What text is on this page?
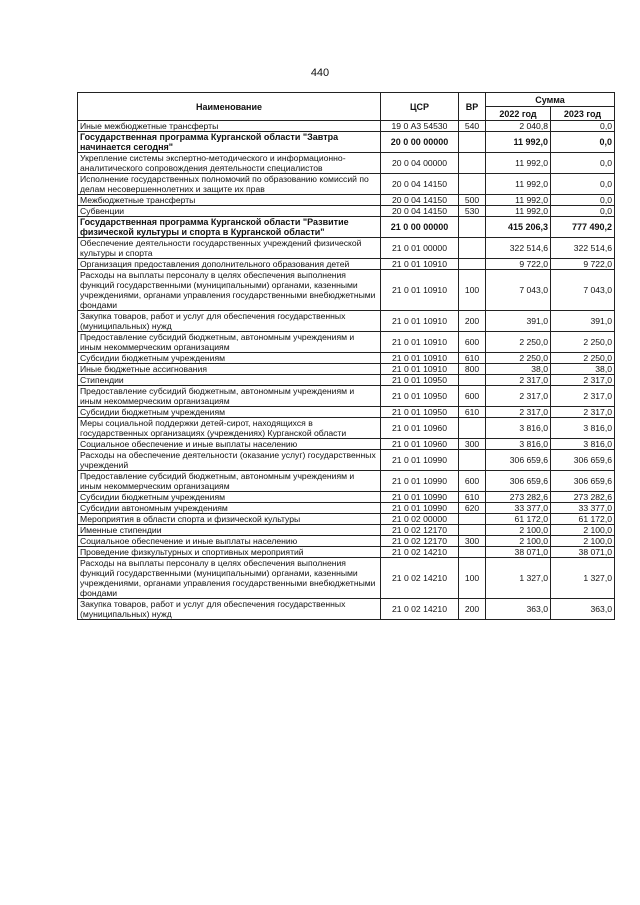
440
Наименование	ЦСР	ВР	Сумма	
			2022 год	2023 год
Иные межбюджетные трансферты	19 0 А3 54530	540	2 040,8	0,0
Государственная программа Курганской области "Завтра начинается сегодня"	20 0 00 00000		11 992,0	0,0
Укрепление системы экспертно-методического и информационно-аналитического сопровождения деятельности специалистов	20 0 04 00000		11 992,0	0,0
Исполнение государственных полномочий по образованию комиссий по делам несовершеннолетних и защите их прав	20 0 04 14150		11 992,0	0,0
Межбюджетные трансферты	20 0 04 14150	500	11 992,0	0,0
Субвенции	20 0 04 14150	530	11 992,0	0,0
Государственная программа Курганской области "Развитие физической культуры и спорта в Курганской области"	21 0 00 00000		415 206,3	777 490,2
Обеспечение деятельности государственных учреждений физической культуры и спорта	21 0 01 00000		322 514,6	322 514,6
Организация предоставления дополнительного образования детей	21 0 01 10910		9 722,0	9 722,0
Расходы на выплаты персоналу в целях обеспечения выполнения функций государственными (муниципальными) органами, казенными учреждениями, органами управления государственными внебюджетными фондами	21 0 01 10910	100	7 043,0	7 043,0
Закупка товаров, работ и услуг для обеспечения государственных (муниципальных) нужд	21 0 01 10910	200	391,0	391,0
Предоставление субсидий бюджетным, автономным учреждениям и иным некоммерческим организациям	21 0 01 10910	600	2 250,0	2 250,0
Субсидии бюджетным учреждениям	21 0 01 10910	610	2 250,0	2 250,0
Иные бюджетные ассигнования	21 0 01 10910	800	38,0	38,0
Стипендии	21 0 01 10950		2 317,0	2 317,0
Предоставление субсидий бюджетным, автономным учреждениям и иным некоммерческим организациям	21 0 01 10950	600	2 317,0	2 317,0
Субсидии бюджетным учреждениям	21 0 01 10950	610	2 317,0	2 317,0
Меры социальной поддержки детей-сирот, находящихся в государственных организациях (учреждениях) Курганской области	21 0 01 10960		3 816,0	3 816,0
Социальное обеспечение и иные выплаты населению	21 0 01 10960	300	3 816,0	3 816,0
Расходы на обеспечение деятельности (оказание услуг) государственных учреждений	21 0 01 10990		306 659,6	306 659,6
Предоставление субсидий бюджетным, автономным учреждениям и иным некоммерческим организациям	21 0 01 10990	600	306 659,6	306 659,6
Субсидии бюджетным учреждениям	21 0 01 10990	610	273 282,6	273 282,6
Субсидии автономным учреждениям	21 0 01 10990	620	33 377,0	33 377,0
Мероприятия в области спорта и физической культуры	21 0 02 00000		61 172,0	61 172,0
Именные стипендии	21 0 02 12170		2 100,0	2 100,0
Социальное обеспечение и иные выплаты населению	21 0 02 12170	300	2 100,0	2 100,0
Проведение физкультурных и спортивных мероприятий	21 0 02 14210		38 071,0	38 071,0
Расходы на выплаты персоналу в целях обеспечения выполнения функций государственными (муниципальными) органами, казенными учреждениями, органами управления государственными внебюджетными фондами	21 0 02 14210	100	1 327,0	1 327,0
Закупка товаров, работ и услуг для обеспечения государственных (муниципальных) нужд	21 0 02 14210	200	363,0	363,0
